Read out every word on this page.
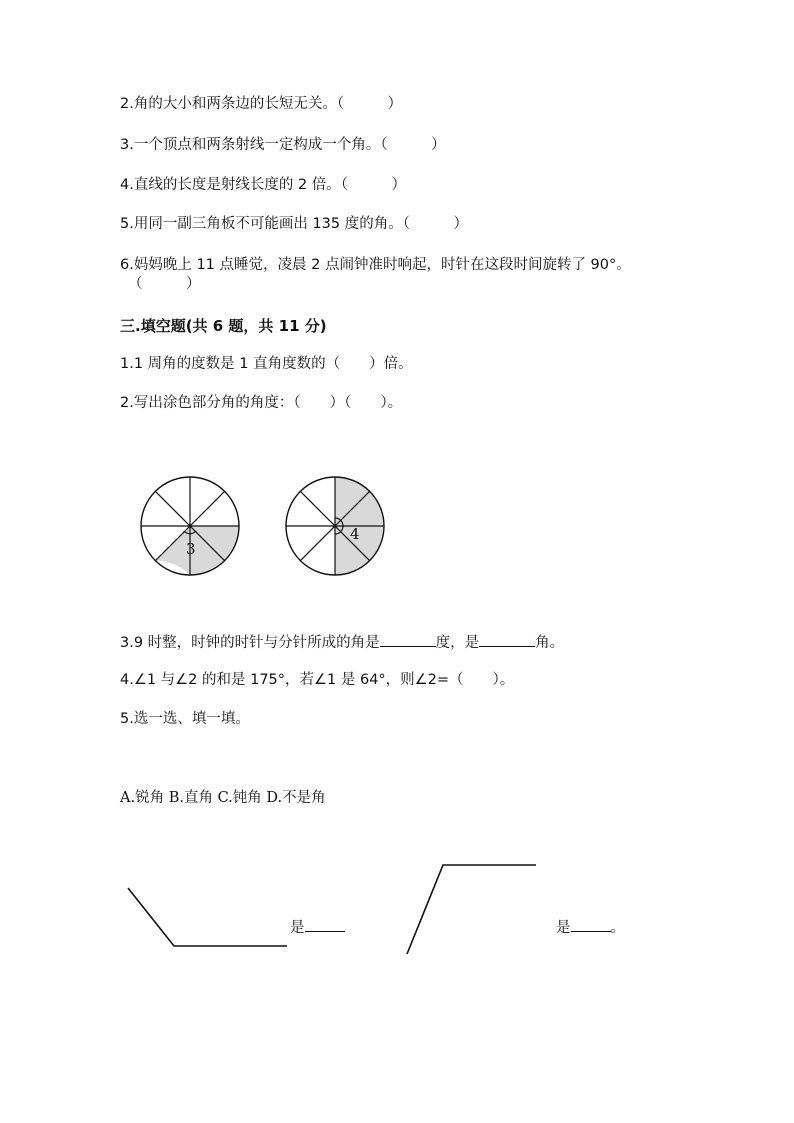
2.角的大小和两条边的长短无关。（　　　）
3.一个顶点和两条射线一定构成一个角。（　　　）
4.直线的长度是射线长度的 2 倍。（　　　）
5.用同一副三角板不可能画出 135 度的角。（　　　）
6.妈妈晚上 11 点睡觉，凌晨 2 点闹钟准时响起，时针在这段时间旋转了 90°。
（　　　）
三.填空题(共 6 题，共 11 分)
1.1 周角的度数是 1 直角度数的（　　）倍。
2.写出涂色部分角的角度：（　　）（　　）。
3
4
3.9 时整，时钟的时针与分针所成的角是	度，是	角。
4.∠1 与∠2 的和是 175°，若∠1 是 64°，则∠2=（　　）。
5.选一选、填一填。
A.锐角 B.直角 C.钝角 D.不是角
是	是	。
